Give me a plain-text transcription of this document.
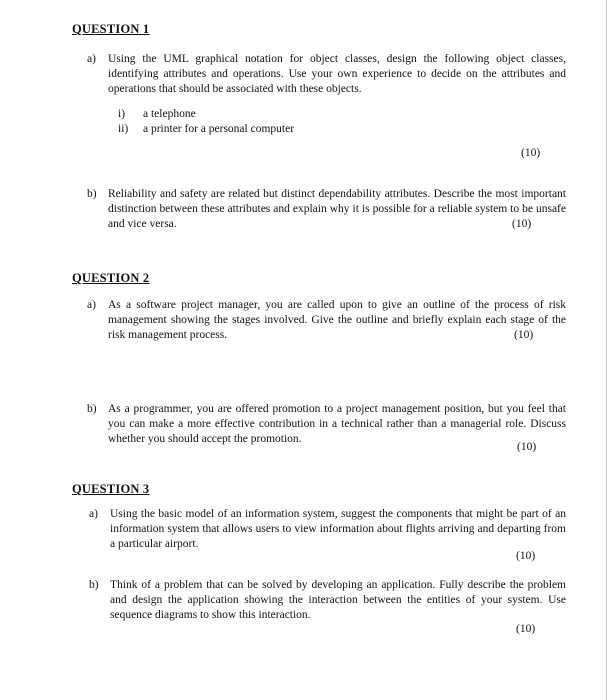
QUESTION 1
a) Using the UML graphical notation for object classes, design the following object classes, identifying attributes and operations. Use your own experience to decide on the attributes and operations that should be associated with these objects.
i) a telephone
ii) a printer for a personal computer
(10)
b) Reliability and safety are related but distinct dependability attributes. Describe the most important distinction between these attributes and explain why it is possible for a reliable system to be unsafe and vice versa.	(10)
QUESTION 2
a) As a software project manager, you are called upon to give an outline of the process of risk management showing the stages involved. Give the outline and briefly explain each stage of the risk management process.	(10)
b) As a programmer, you are offered promotion to a project management position, but you feel that you can make a more effective contribution in a technical rather than a managerial role. Discuss whether you should accept the promotion.
(10)
QUESTION 3
a) Using the basic model of an information system, suggest the components that might be part of an information system that allows users to view information about flights arriving and departing from a particular airport.
(10)
b) Think of a problem that can be solved by developing an application. Fully describe the problem and design the application showing the interaction between the entities of your system. Use sequence diagrams to show this interaction.
(10)
